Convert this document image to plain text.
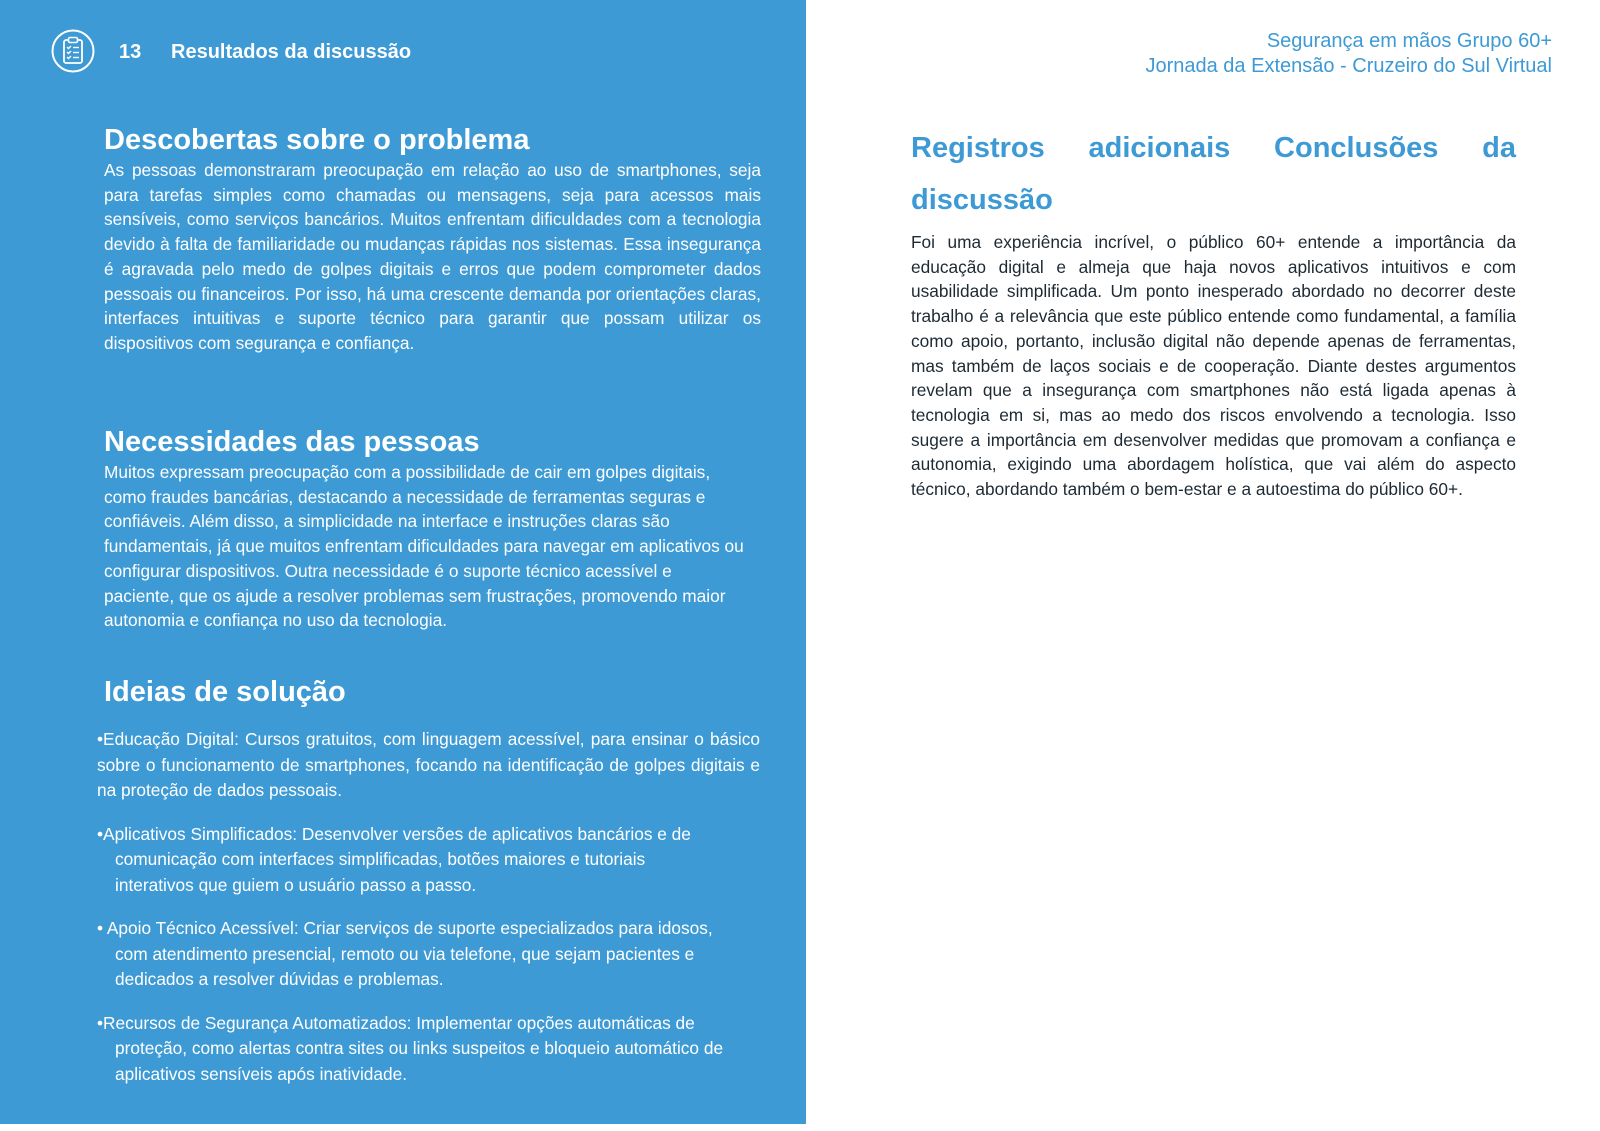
13 Resultados da discussão
Descobertas sobre o problema

As pessoas demonstraram preocupação em relação ao uso de smartphones, seja para tarefas simples como chamadas ou mensagens, seja para acessos mais sensíveis, como serviços bancários. Muitos enfrentam dificuldades com a tecnologia devido à falta de familiaridade ou mudanças rápidas nos sistemas. Essa insegurança é agravada pelo medo de golpes digitais e erros que podem comprometer dados pessoais ou financeiros. Por isso, há uma crescente demanda por orientações claras, interfaces intuitivas e suporte técnico para garantir que possam utilizar os dispositivos com segurança e confiança.

Necessidades das pessoas

Muitos expressam preocupação com a possibilidade de cair em golpes digitais, como fraudes bancárias, destacando a necessidade de ferramentas seguras e confiáveis. Além disso, a simplicidade na interface e instruções claras são fundamentais, já que muitos enfrentam dificuldades para navegar em aplicativos ou configurar dispositivos. Outra necessidade é o suporte técnico acessível e paciente, que os ajude a resolver problemas sem frustrações, promovendo maior autonomia e confiança no uso da tecnologia.

Ideias de solução
•Educação Digital: Cursos gratuitos, com linguagem acessível, para ensinar o básico sobre o funcionamento de smartphones, focando na identificação de golpes digitais e na proteção de dados pessoais.
•Aplicativos Simplificados: Desenvolver versões de aplicativos bancários e de comunicação com interfaces simplificadas, botões maiores e tutoriais interativos que guiem o usuário passo a passo.
• Apoio Técnico Acessível: Criar serviços de suporte especializados para idosos, com atendimento presencial, remoto ou via telefone, que sejam pacientes e dedicados a resolver dúvidas e problemas.
•Recursos de Segurança Automatizados: Implementar opções automáticas de proteção, como alertas contra sites ou links suspeitos e bloqueio automático de aplicativos sensíveis após inatividade.
Segurança em mãos Grupo 60+
Jornada da Extensão - Cruzeiro do Sul Virtual
Registros adicionais Conclusões da
discussão

Foi uma experiência incrível, o público 60+ entende a importância da educação digital e almeja que haja novos aplicativos intuitivos e com usabilidade simplificada. Um ponto inesperado abordado no decorrer deste trabalho é a relevância que este público entende como fundamental, a família como apoio, portanto, inclusão digital não depende apenas de ferramentas, mas também de laços sociais e de cooperação. Diante destes argumentos revelam que a insegurança com smartphones não está ligada apenas à tecnologia em si, mas ao medo dos riscos envolvendo a tecnologia. Isso sugere a importância em desenvolver medidas que promovam a confiança e autonomia, exigindo uma abordagem holística, que vai além do aspecto técnico, abordando também o bem-estar e a autoestima do público 60+.
